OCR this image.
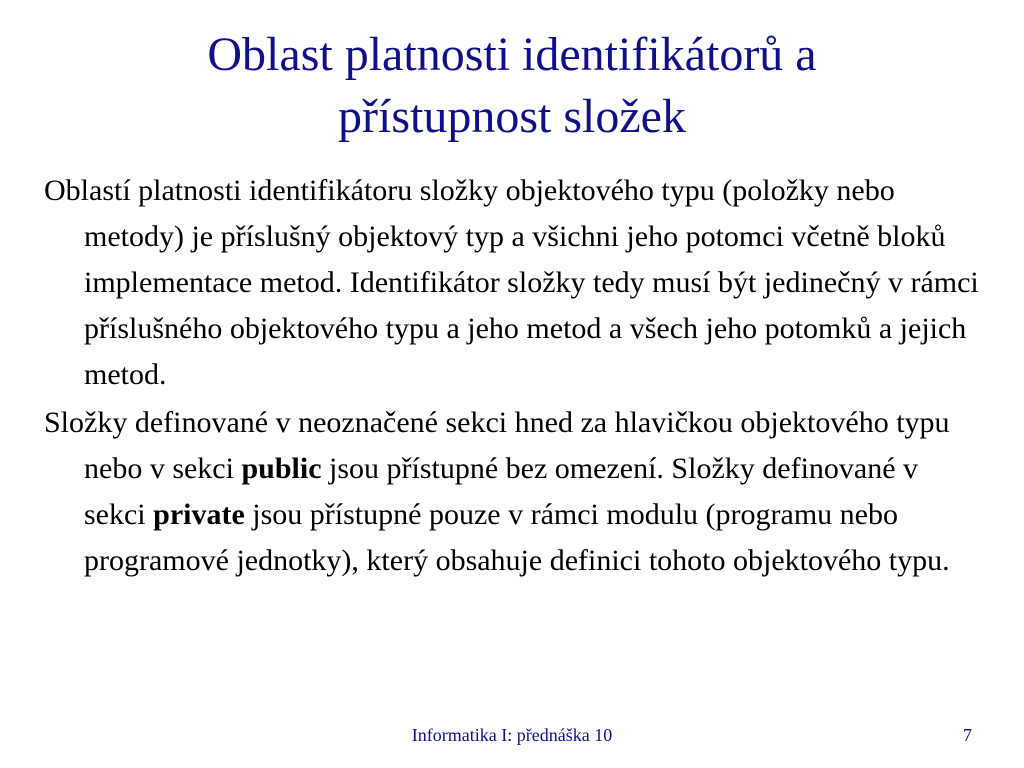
Oblast platnosti identifikátorů a
přístupnost složek

Oblastí platnosti identifikátoru složky objektového typu (položky nebo metody) je příslušný objektový typ a všichni jeho potomci včetně bloků implementace metod. Identifikátor složky tedy musí být jedinečný v rámci příslušného objektového typu a jeho metod a všech jeho potomků a jejich metod.

Složky definované v neoznačené sekci hned za hlavičkou objektového typu nebo v sekci public jsou přístupné bez omezení. Složky definované v sekci private jsou přístupné pouze v rámci modulu (programu nebo programové jednotky), který obsahuje definici tohoto objektového typu.

Informatika I: přednáška 10	7
